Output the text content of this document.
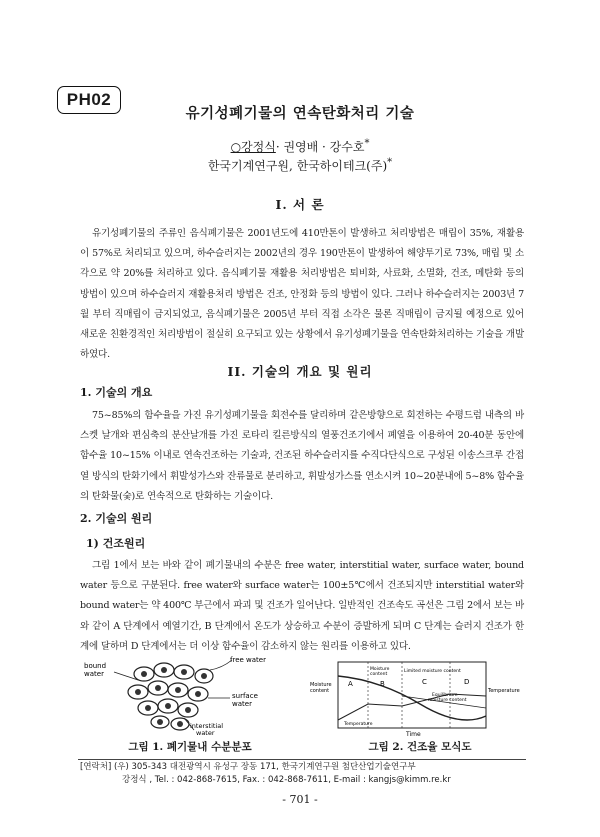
PH02
유기성폐기물의 연속탄화처리 기술
○강정식· 권영배 · 강수호*
한국기계연구원, 한국하이테크(주)*
I. 서 론

유기성폐기물의 주류인 음식폐기물은 2001년도에 410만톤이 발생하고 처리방법은 매립이 35%, 재활용이 57%로 처리되고 있으며, 하수슬러지는 2002년의 경우 190만톤이 발생하여 해양투기로 73%, 매립 및 소각으로 약 20%를 처리하고 있다. 음식폐기물 재활용 처리방법은 퇴비화, 사료화, 소멸화, 건조, 메탄화 등의 방법이 있으며 하수슬러지 재활용처리 방법은 건조, 안정화 등의 방법이 있다. 그러나 하수슬러지는 2003년 7월 부터 직매립이 금지되었고, 음식폐기물은 2005년 부터 직접 소각은 물론 직매립이 금지될 예정으로 있어 새로운 친환경적인 처리방법이 절실히 요구되고 있는 상황에서 유기성폐기물을 연속탄화처리하는 기술을 개발하였다.

II. 기술의 개요 및 원리
1. 기술의 개요

75~85%의 함수율을 가진 유기성폐기물을 회전수를 달리하며 같은방향으로 회전하는 수평드럼 내측의 바스켓 날개와 편심축의 분산날개를 가진 로타리 킬른방식의 열풍건조기에서 폐열을 이용하여 20-40분 동안에 함수율 10~15% 이내로 연속건조하는 기술과, 건조된 하수슬러지를 수직다단식으로 구성된 이송스크루 간접열 방식의 탄화기에서 휘발성가스와 잔류물로 분리하고, 휘발성가스를 연소시켜 10~20분내에 5~8% 함수율의 탄화물(숯)로 연속적으로 탄화하는 기술이다.

2. 기술의 원리
1) 건조원리

그림 1에서 보는 바와 같이 폐기물내의 수분은 free water, interstitial water, surface water, bound water 등으로 구분된다. free water와 surface water는 100±5℃에서 건조되지만 interstitial water와 bound water는 약 400℃ 부근에서 파괴 및 건조가 일어난다. 일반적인 건조속도 곡선은 그림 2에서 보는 바와 같이 A 단계에서 예열기간, B 단계에서 온도가 상승하고 수분이 증발하게 되며 C 단계는 슬러지 건조가 한계에 달하며 D 단계에서는 더 이상 함수율이 감소하지 않는 원리를 이용하고 있다.

bound
water
free water
surface
water
interstitial
water
그림 1. 폐기물내 수분분포
Moisture
content
Moisture
content
Limited moisture content
Equilibrium
moisture content
Temperature
Temperature
Time
A	B	C	D
그림 2. 건조율 모식도
[연락처] (우) 305-343 대전광역시 유성구 장동 171, 한국기계연구원 첨단산업기술연구부
강정식 , Tel. : 042-868-7615, Fax. : 042-868-7611, E-mail : kangjs@kimm.re.kr
- 701 -
